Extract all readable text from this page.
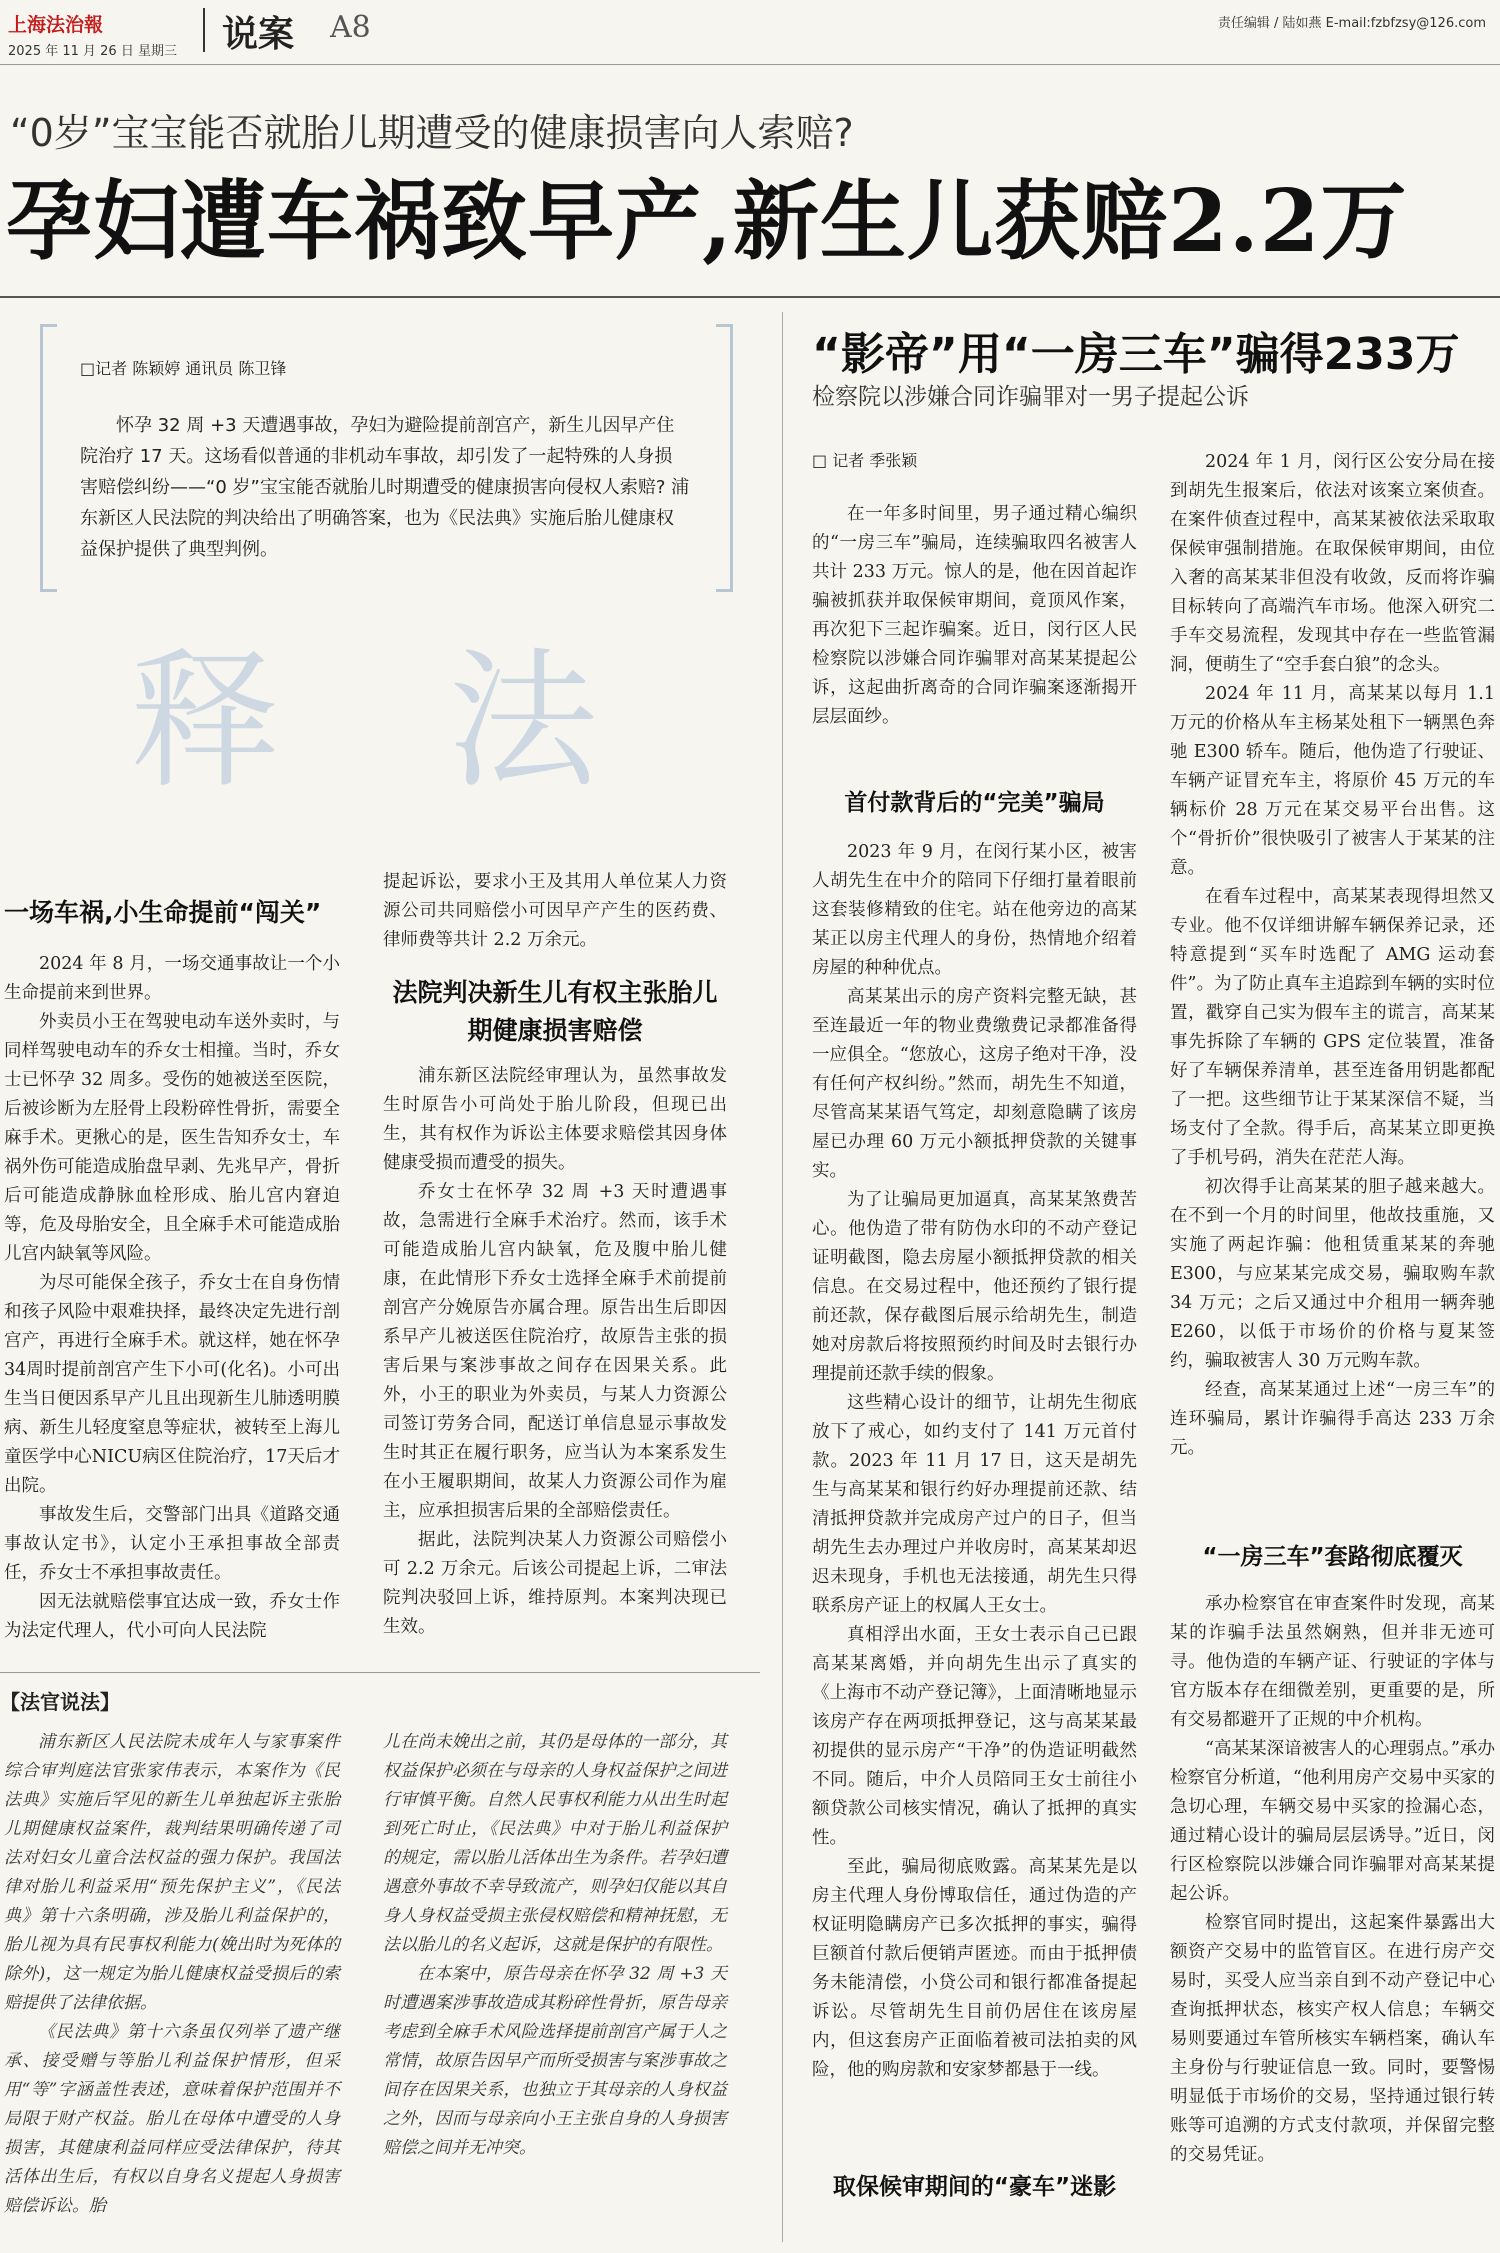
上海法治報
2025 年 11 月 26 日 星期三 说案 A8	责任编辑 / 陆如燕 E-mail:fzbfzsy@126.com
“0岁”宝宝能否就胎儿期遭受的健康损害向人索赔?
孕妇遭车祸致早产,新生儿获赔2.2万
□记者 陈颖婷 通讯员 陈卫锋
怀孕 32 周 +3 天遭遇事故，孕妇为避险提前剖宫产，新生儿因早产住院治疗 17 天。这场看似普通的非机动车事故，却引发了一起特殊的人身损害赔偿纠纷——“0 岁”宝宝能否就胎儿时期遭受的健康损害向侵权人索赔? 浦东新区人民法院的判决给出了明确答案，也为《民法典》实施后胎儿健康权益保护提供了典型判例。
释 法
一场车祸,小生命提前“闯关”

2024 年 8 月，一场交通事故让一个小生命提前来到世界。

外卖员小王在驾驶电动车送外卖时，与同样驾驶电动车的乔女士相撞。当时，乔女士已怀孕 32 周多。受伤的她被送至医院，后被诊断为左胫骨上段粉碎性骨折，需要全麻手术。更揪心的是，医生告知乔女士，车祸外伤可能造成胎盘早剥、先兆早产，骨折后可能造成静脉血栓形成、胎儿宫内窘迫等，危及母胎安全，且全麻手术可能造成胎儿宫内缺氧等风险。

为尽可能保全孩子，乔女士在自身伤情和孩子风险中艰难抉择，最终决定先进行剖宫产，再进行全麻手术。就这样，她在怀孕34周时提前剖宫产生下小可(化名)。小可出生当日便因系早产儿且出现新生儿肺透明膜病、新生儿轻度窒息等症状，被转至上海儿童医学中心NICU病区住院治疗，17天后才出院。

事故发生后，交警部门出具《道路交通事故认定书》，认定小王承担事故全部责任，乔女士不承担事故责任。

因无法就赔偿事宜达成一致，乔女士作为法定代理人，代小可向人民法院

提起诉讼，要求小王及其用人单位某人力资源公司共同赔偿小可因早产产生的医药费、律师费等共计 2.2 万余元。

法院判决新生儿有权主张胎儿期健康损害赔偿

浦东新区法院经审理认为，虽然事故发生时原告小可尚处于胎儿阶段，但现已出生，其有权作为诉讼主体要求赔偿其因身体健康受损而遭受的损失。

乔女士在怀孕 32 周 +3 天时遭遇事故，急需进行全麻手术治疗。然而，该手术可能造成胎儿宫内缺氧，危及腹中胎儿健康，在此情形下乔女士选择全麻手术前提前剖宫产分娩原告亦属合理。原告出生后即因系早产儿被送医住院治疗，故原告主张的损害后果与案涉事故之间存在因果关系。此外，小王的职业为外卖员，与某人力资源公司签订劳务合同，配送订单信息显示事故发生时其正在履行职务，应当认为本案系发生在小王履职期间，故某人力资源公司作为雇主，应承担损害后果的全部赔偿责任。

据此，法院判决某人力资源公司赔偿小可 2.2 万余元。后该公司提起上诉，二审法院判决驳回上诉，维持原判。本案判决现已生效。

【法官说法】

浦东新区人民法院未成年人与家事案件综合审判庭法官张家伟表示，本案作为《民法典》实施后罕见的新生儿单独起诉主张胎儿期健康权益案件，裁判结果明确传递了司法对妇女儿童合法权益的强力保护。我国法律对胎儿利益采用“预先保护主义”，《民法典》第十六条明确，涉及胎儿利益保护的，胎儿视为具有民事权利能力(娩出时为死体的除外)，这一规定为胎儿健康权益受损后的索赔提供了法律依据。

《民法典》第十六条虽仅列举了遗产继承、接受赠与等胎儿利益保护情形，但采用“等”字涵盖性表述，意味着保护范围并不局限于财产权益。胎儿在母体中遭受的人身损害，其健康利益同样应受法律保护，待其活体出生后，有权以自身名义提起人身损害赔偿诉讼。胎

儿在尚未娩出之前，其仍是母体的一部分，其权益保护必须在与母亲的人身权益保护之间进行审慎平衡。自然人民事权利能力从出生时起到死亡时止，《民法典》中对于胎儿利益保护的规定，需以胎儿活体出生为条件。若孕妇遭遇意外事故不幸导致流产，则孕妇仅能以其自身人身权益受损主张侵权赔偿和精神抚慰，无法以胎儿的名义起诉，这就是保护的有限性。

在本案中，原告母亲在怀孕 32 周 +3 天时遭遇案涉事故造成其粉碎性骨折，原告母亲考虑到全麻手术风险选择提前剖宫产属于人之常情，故原告因早产而所受损害与案涉事故之间存在因果关系，也独立于其母亲的人身权益之外，因而与母亲向小王主张自身的人身损害赔偿之间并无冲突。

“影帝”用“一房三车”骗得233万
检察院以涉嫌合同诈骗罪对一男子提起公诉
□ 记者 季张颖

在一年多时间里，男子通过精心编织的“一房三车”骗局，连续骗取四名被害人共计 233 万元。惊人的是，他在因首起诈骗被抓获并取保候审期间，竟顶风作案，再次犯下三起诈骗案。近日，闵行区人民检察院以涉嫌合同诈骗罪对高某某提起公诉，这起曲折离奇的合同诈骗案逐渐揭开层层面纱。

首付款背后的“完美”骗局

2023 年 9 月，在闵行某小区，被害人胡先生在中介的陪同下仔细打量着眼前这套装修精致的住宅。站在他旁边的高某某正以房主代理人的身份，热情地介绍着房屋的种种优点。

高某某出示的房产资料完整无缺，甚至连最近一年的物业费缴费记录都准备得一应俱全。“您放心，这房子绝对干净，没有任何产权纠纷。”然而，胡先生不知道，尽管高某某语气笃定，却刻意隐瞒了该房屋已办理 60 万元小额抵押贷款的关键事实。

为了让骗局更加逼真，高某某煞费苦心。他伪造了带有防伪水印的不动产登记证明截图，隐去房屋小额抵押贷款的相关信息。在交易过程中，他还预约了银行提前还款，保存截图后展示给胡先生，制造她对房款后将按照预约时间及时去银行办理提前还款手续的假象。

这些精心设计的细节，让胡先生彻底放下了戒心，如约支付了 141 万元首付款。2023 年 11 月 17 日，这天是胡先生与高某某和银行约好办理提前还款、结清抵押贷款并完成房产过户的日子，但当胡先生去办理过户并收房时，高某某却迟迟未现身，手机也无法接通，胡先生只得联系房产证上的权属人王女士。

真相浮出水面，王女士表示自己已跟高某某离婚，并向胡先生出示了真实的《上海市不动产登记簿》，上面清晰地显示该房产存在两项抵押登记，这与高某某最初提供的显示房产“干净”的伪造证明截然不同。随后，中介人员陪同王女士前往小额贷款公司核实情况，确认了抵押的真实性。

至此，骗局彻底败露。高某某先是以房主代理人身份博取信任，通过伪造的产权证明隐瞒房产已多次抵押的事实，骗得巨额首付款后便销声匿迹。而由于抵押债务未能清偿，小贷公司和银行都准备提起诉讼。尽管胡先生目前仍居住在该房屋内，但这套房产正面临着被司法拍卖的风险，他的购房款和安家梦都悬于一线。

取保候审期间的“豪车”迷影

2024 年 1 月，闵行区公安分局在接到胡先生报案后，依法对该案立案侦查。在案件侦查过程中，高某某被依法采取取保候审强制措施。在取保候审期间，由位入奢的高某某非但没有收敛，反而将诈骗目标转向了高端汽车市场。他深入研究二手车交易流程，发现其中存在一些监管漏洞，便萌生了“空手套白狼”的念头。

2024 年 11 月，高某某以每月 1.1 万元的价格从车主杨某处租下一辆黑色奔驰 E300 轿车。随后，他伪造了行驶证、车辆产证冒充车主，将原价 45 万元的车辆标价 28 万元在某交易平台出售。这个“骨折价”很快吸引了被害人于某某的注意。

在看车过程中，高某某表现得坦然又专业。他不仅详细讲解车辆保养记录，还特意提到“买车时选配了 AMG 运动套件”。为了防止真车主追踪到车辆的实时位置，戳穿自己实为假车主的谎言，高某某事先拆除了车辆的 GPS 定位装置，准备好了车辆保养清单，甚至连备用钥匙都配了一把。这些细节让于某某深信不疑，当场支付了全款。得手后，高某某立即更换了手机号码，消失在茫茫人海。

初次得手让高某某的胆子越来越大。在不到一个月的时间里，他故技重施，又实施了两起诈骗：他租赁重某某的奔驰 E300，与应某某完成交易，骗取购车款 34 万元；之后又通过中介租用一辆奔驰 E260，以低于市场价的价格与夏某签约，骗取被害人 30 万元购车款。

经查，高某某通过上述“一房三车”的连环骗局，累计诈骗得手高达 233 万余元。

“一房三车”套路彻底覆灭

承办检察官在审查案件时发现，高某某的诈骗手法虽然娴熟，但并非无迹可寻。他伪造的车辆产证、行驶证的字体与官方版本存在细微差别，更重要的是，所有交易都避开了正规的中介机构。

“高某某深谙被害人的心理弱点。”承办检察官分析道，“他利用房产交易中买家的急切心理，车辆交易中买家的捡漏心态，通过精心设计的骗局层层诱导。”近日，闵行区检察院以涉嫌合同诈骗罪对高某某提起公诉。

检察官同时提出，这起案件暴露出大额资产交易中的监管盲区。在进行房产交易时，买受人应当亲自到不动产登记中心查询抵押状态，核实产权人信息；车辆交易则要通过车管所核实车辆档案，确认车主身份与行驶证信息一致。同时，要警惕明显低于市场价的交易，坚持通过银行转账等可追溯的方式支付款项，并保留完整的交易凭证。
